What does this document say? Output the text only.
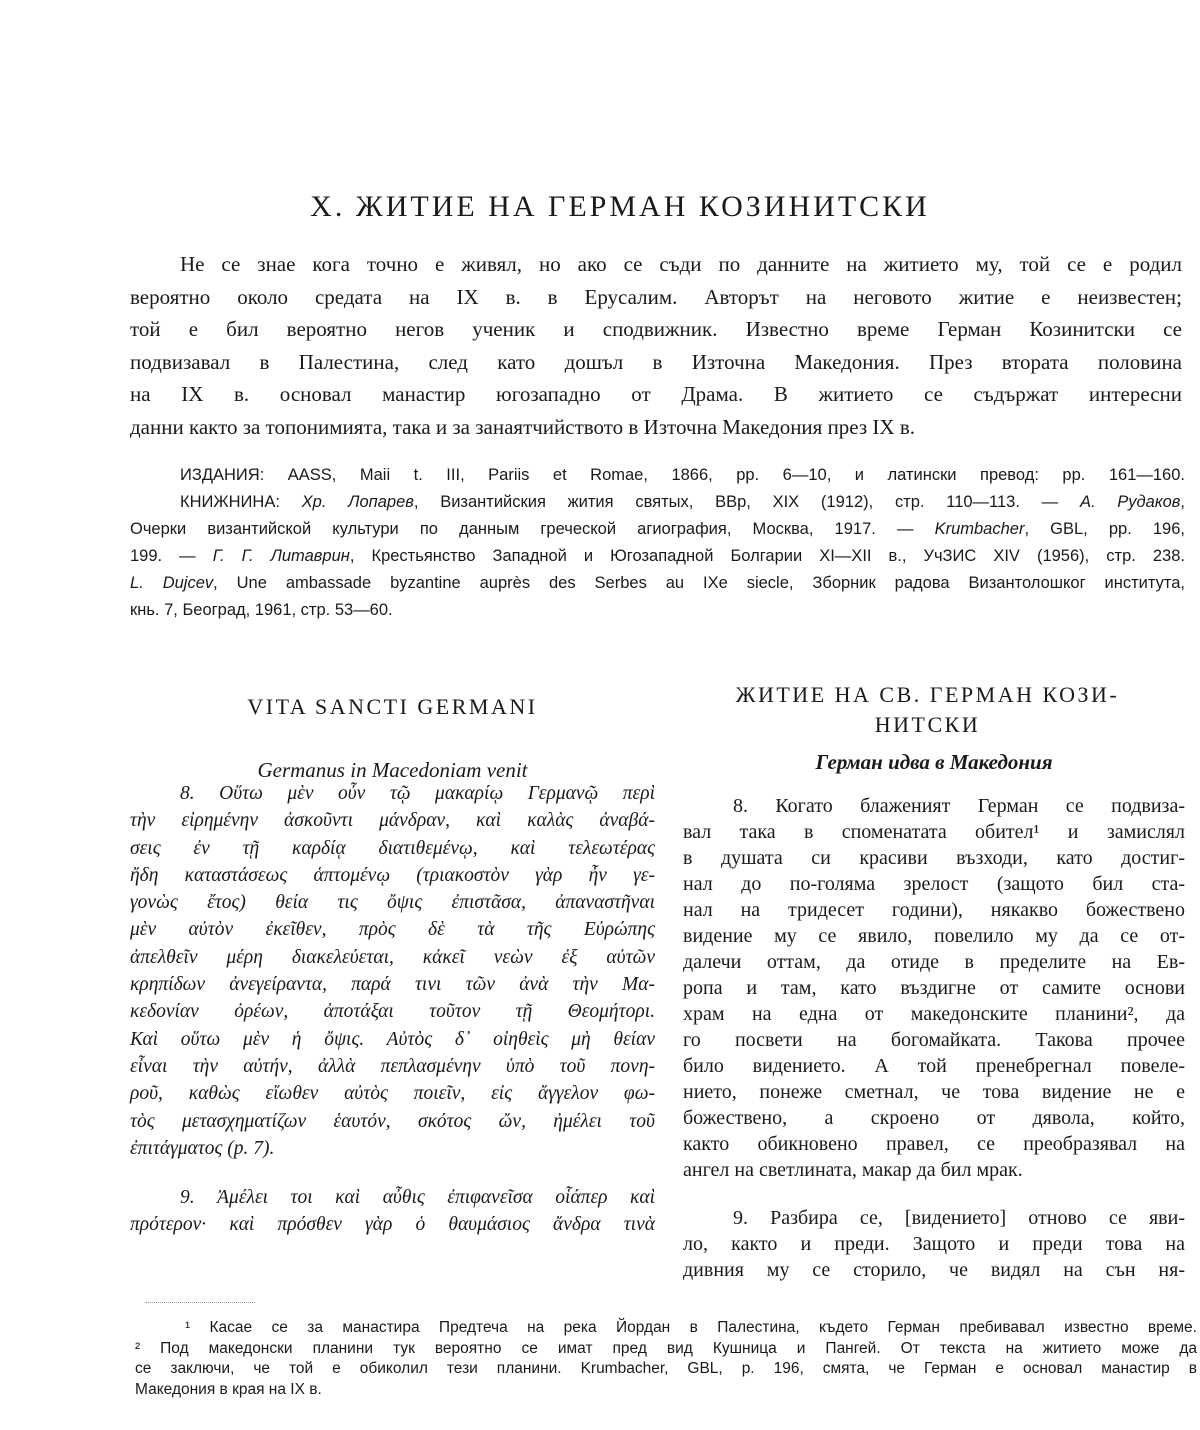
X. ЖИТИЕ НА ГЕРМАН КОЗИНИТСКИ
Не се знае кога точно е живял, но ако се съди по данните на житието му, той се е родил
вероятно около средата на IX в. в Ерусалим. Авторът на неговото житие е неизвестен;
той е бил вероятно негов ученик и сподвижник. Известно време Герман Козинитски се
подвизавал в Палестина, след като дошъл в Източна Македония. През втората половина
на IX в. основал манастир югозападно от Драма. В житието се съдържат интересни
данни както за топонимията, така и за занаятчийството в Източна Македония през IX в.
ИЗДАНИЯ: AASS, Maii t. III, Pariis et Romae, 1866, pp. 6—10, и латински превод: pp. 161—160.
КНИЖНИНА: Хр. Лопарев, Византийския жития святых, ВВр, XIX (1912), стр. 110—113. — А. Рудаков,
Очерки византийской культури по данным греческой агиография, Москва, 1917. — Krumbacher, GBL, pp. 196,
199. — Г. Г. Литаврин, Крестьянство Западной и Югозападной Болгарии XI—XII в., УчЗИС XIV (1956), стр. 238.
L. Dujcev, Une ambassade byzantine auprès des Serbes au IXe siecle, Зборник радова Византолошког института,
кнь. 7, Београд, 1961, стр. 53—60.
VITA SANCTI GERMANI
Germanus in Macedoniam venit
8. Οὕτω μὲν οὖν τῷ μακαρίῳ Γερμανῷ περὶ
τὴν εἰρημένην ἀσκοῦντι μάνδραν, καὶ καλὰς ἀναβά-
σεις ἐν τῇ καρδίᾳ διατιθεμένῳ, καὶ τελεωτέρας
ἤδη καταστάσεως ἁπτομένῳ (τριακοστὸν γὰρ ἦν γε-
γονὼς ἔτος) θεία τις ὄψις ἐπιστᾶσα, ἀπαναστῆναι
μὲν αὐτὸν ἐκεῖθεν, πρὸς δὲ τὰ τῆς Εὐρώπης
ἀπελθεῖν μέρη διακελεύεται, κἀκεῖ νεὼν ἐξ αὐτῶν
κρηπίδων ἀνεγείραντα, παρά τινι τῶν ἀνὰ τὴν Μα-
κεδονίαν ὀρέων, ἀποτάξαι τοῦτον τῇ Θεομήτορι.
Καὶ οὕτω μὲν ἡ ὄψις. Αὐτὸς δ᾽ οἰηθεὶς μὴ θείαν
εἶναι τὴν αὐτήν, ἀλλὰ πεπλασμένην ὑπὸ τοῦ πονη-
ροῦ, καθὼς εἴωθεν αὐτὸς ποιεῖν, εἰς ἄγγελον φω-
τὸς μετασχηματίζων ἑαυτόν, σκότος ὤν, ἠμέλει τοῦ
ἐπιτάγματος (p. 7).
9. Ἀμέλει τοι καὶ αὖθις ἐπιφανεῖσα οἷάπερ καὶ
πρότερον· καὶ πρόσθεν γὰρ ὁ θαυμάσιος ἄνδρα τινὰ
ЖИТИЕ НА СВ. ГЕРМАН КОЗИ-
НИТСКИ
Герман идва в Македония
8. Когато блаженият Герман се подвиза-
вал така в споменатата обител¹ и замислял
в душата си красиви възходи, като достиг-
нал до по-голяма зрелост (защото бил ста-
нал на тридесет години), някакво божествено
видение му се явило, повелило му да се от-
далечи оттам, да отиде в пределите на Ев-
ропа и там, като въздигне от самите основи
храм на една от македонските планини², да
го посвети на богомайката. Такова прочее
било видението. А той пренебрегнал повеле-
нието, понеже сметнал, че това видение не е
божествено, а скроено от дявола, който,
както обикновено правел, се преобразявал на
ангел на светлината, макар да бил мрак.
9. Разбира се, [видението] отново се яви-
ло, както и преди. Защото и преди това на
дивния му се сторило, че видял на сън ня-
¹ Касае се за манастира Предтеча на река Йордан в Палестина, където Герман пребивавал известно време.
² Под македонски планини тук вероятно се имат пред вид Кушница и Пангей. От текста на житието може да
се заключи, че той е обиколил тези планини. Krumbacher, GBL, p. 196, смята, че Герман е основал манастир в
Македония в края на IX в.
